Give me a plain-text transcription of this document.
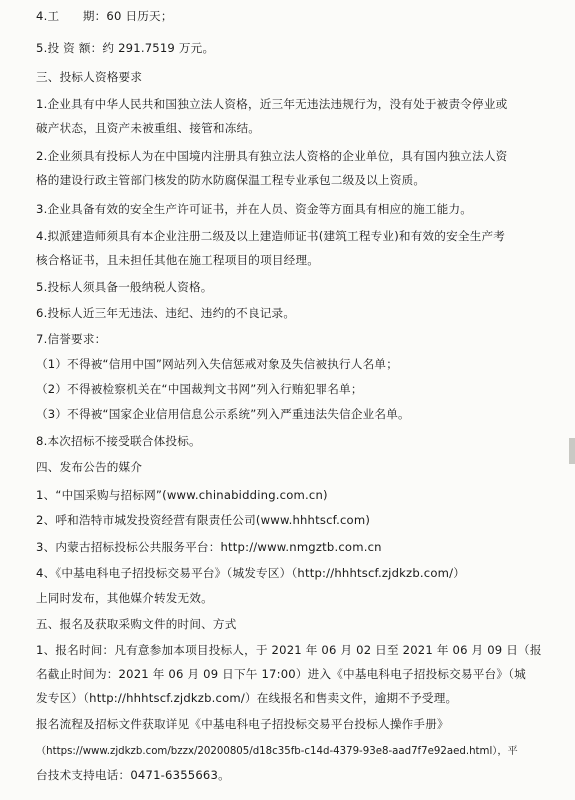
4.工　　期：60 日历天；
5.投 资 额：约 291.7519 万元。
三、投标人资格要求
1.企业具有中华人民共和国独立法人资格，近三年无违法违规行为，没有处于被责令停业或
破产状态，且资产未被重组、接管和冻结。
2.企业须具有投标人为在中国境内注册具有独立法人资格的企业单位，具有国内独立法人资
格的建设行政主管部门核发的防水防腐保温工程专业承包二级及以上资质。
3.企业具备有效的安全生产许可证书，并在人员、资金等方面具有相应的施工能力。
4.拟派建造师须具有本企业注册二级及以上建造师证书(建筑工程专业)和有效的安全生产考
核合格证书，且未担任其他在施工程项目的项目经理。
5.投标人须具备一般纳税人资格。
6.投标人近三年无违法、违纪、违约的不良记录。
7.信誉要求：
（1）不得被“信用中国”网站列入失信惩戒对象及失信被执行人名单；
（2）不得被检察机关在“中国裁判文书网”列入行贿犯罪名单；
（3）不得被“国家企业信用信息公示系统”列入严重违法失信企业名单。
8.本次招标不接受联合体投标。
四、发布公告的媒介
1、“中国采购与招标网”(www.chinabidding.com.cn)
2、呼和浩特市城发投资经营有限责任公司(www.hhhtscf.com)
3、内蒙古招标投标公共服务平台：http://www.nmgztb.com.cn
4、《中基电科电子招投标交易平台》（城发专区）（http://hhhtscf.zjdkzb.com/）
上同时发布，其他媒介转发无效。
五、报名及获取采购文件的时间、方式
1、报名时间：凡有意参加本项目投标人，于 2021 年 06 月 02 日至 2021 年 06 月 09 日（报
名截止时间为：2021 年 06 月 09 日下午 17:00）进入《中基电科电子招投标交易平台》（城
发专区）（http://hhhtscf.zjdkzb.com/）在线报名和售卖文件，逾期不予受理。
报名流程及招标文件获取详见《中基电科电子招投标交易平台投标人操作手册》
（https://www.zjdkzb.com/bzzx/20200805/d18c35fb-c14d-4379-93e8-aad7f7e92aed.html），平
台技术支持电话：0471-6355663。
